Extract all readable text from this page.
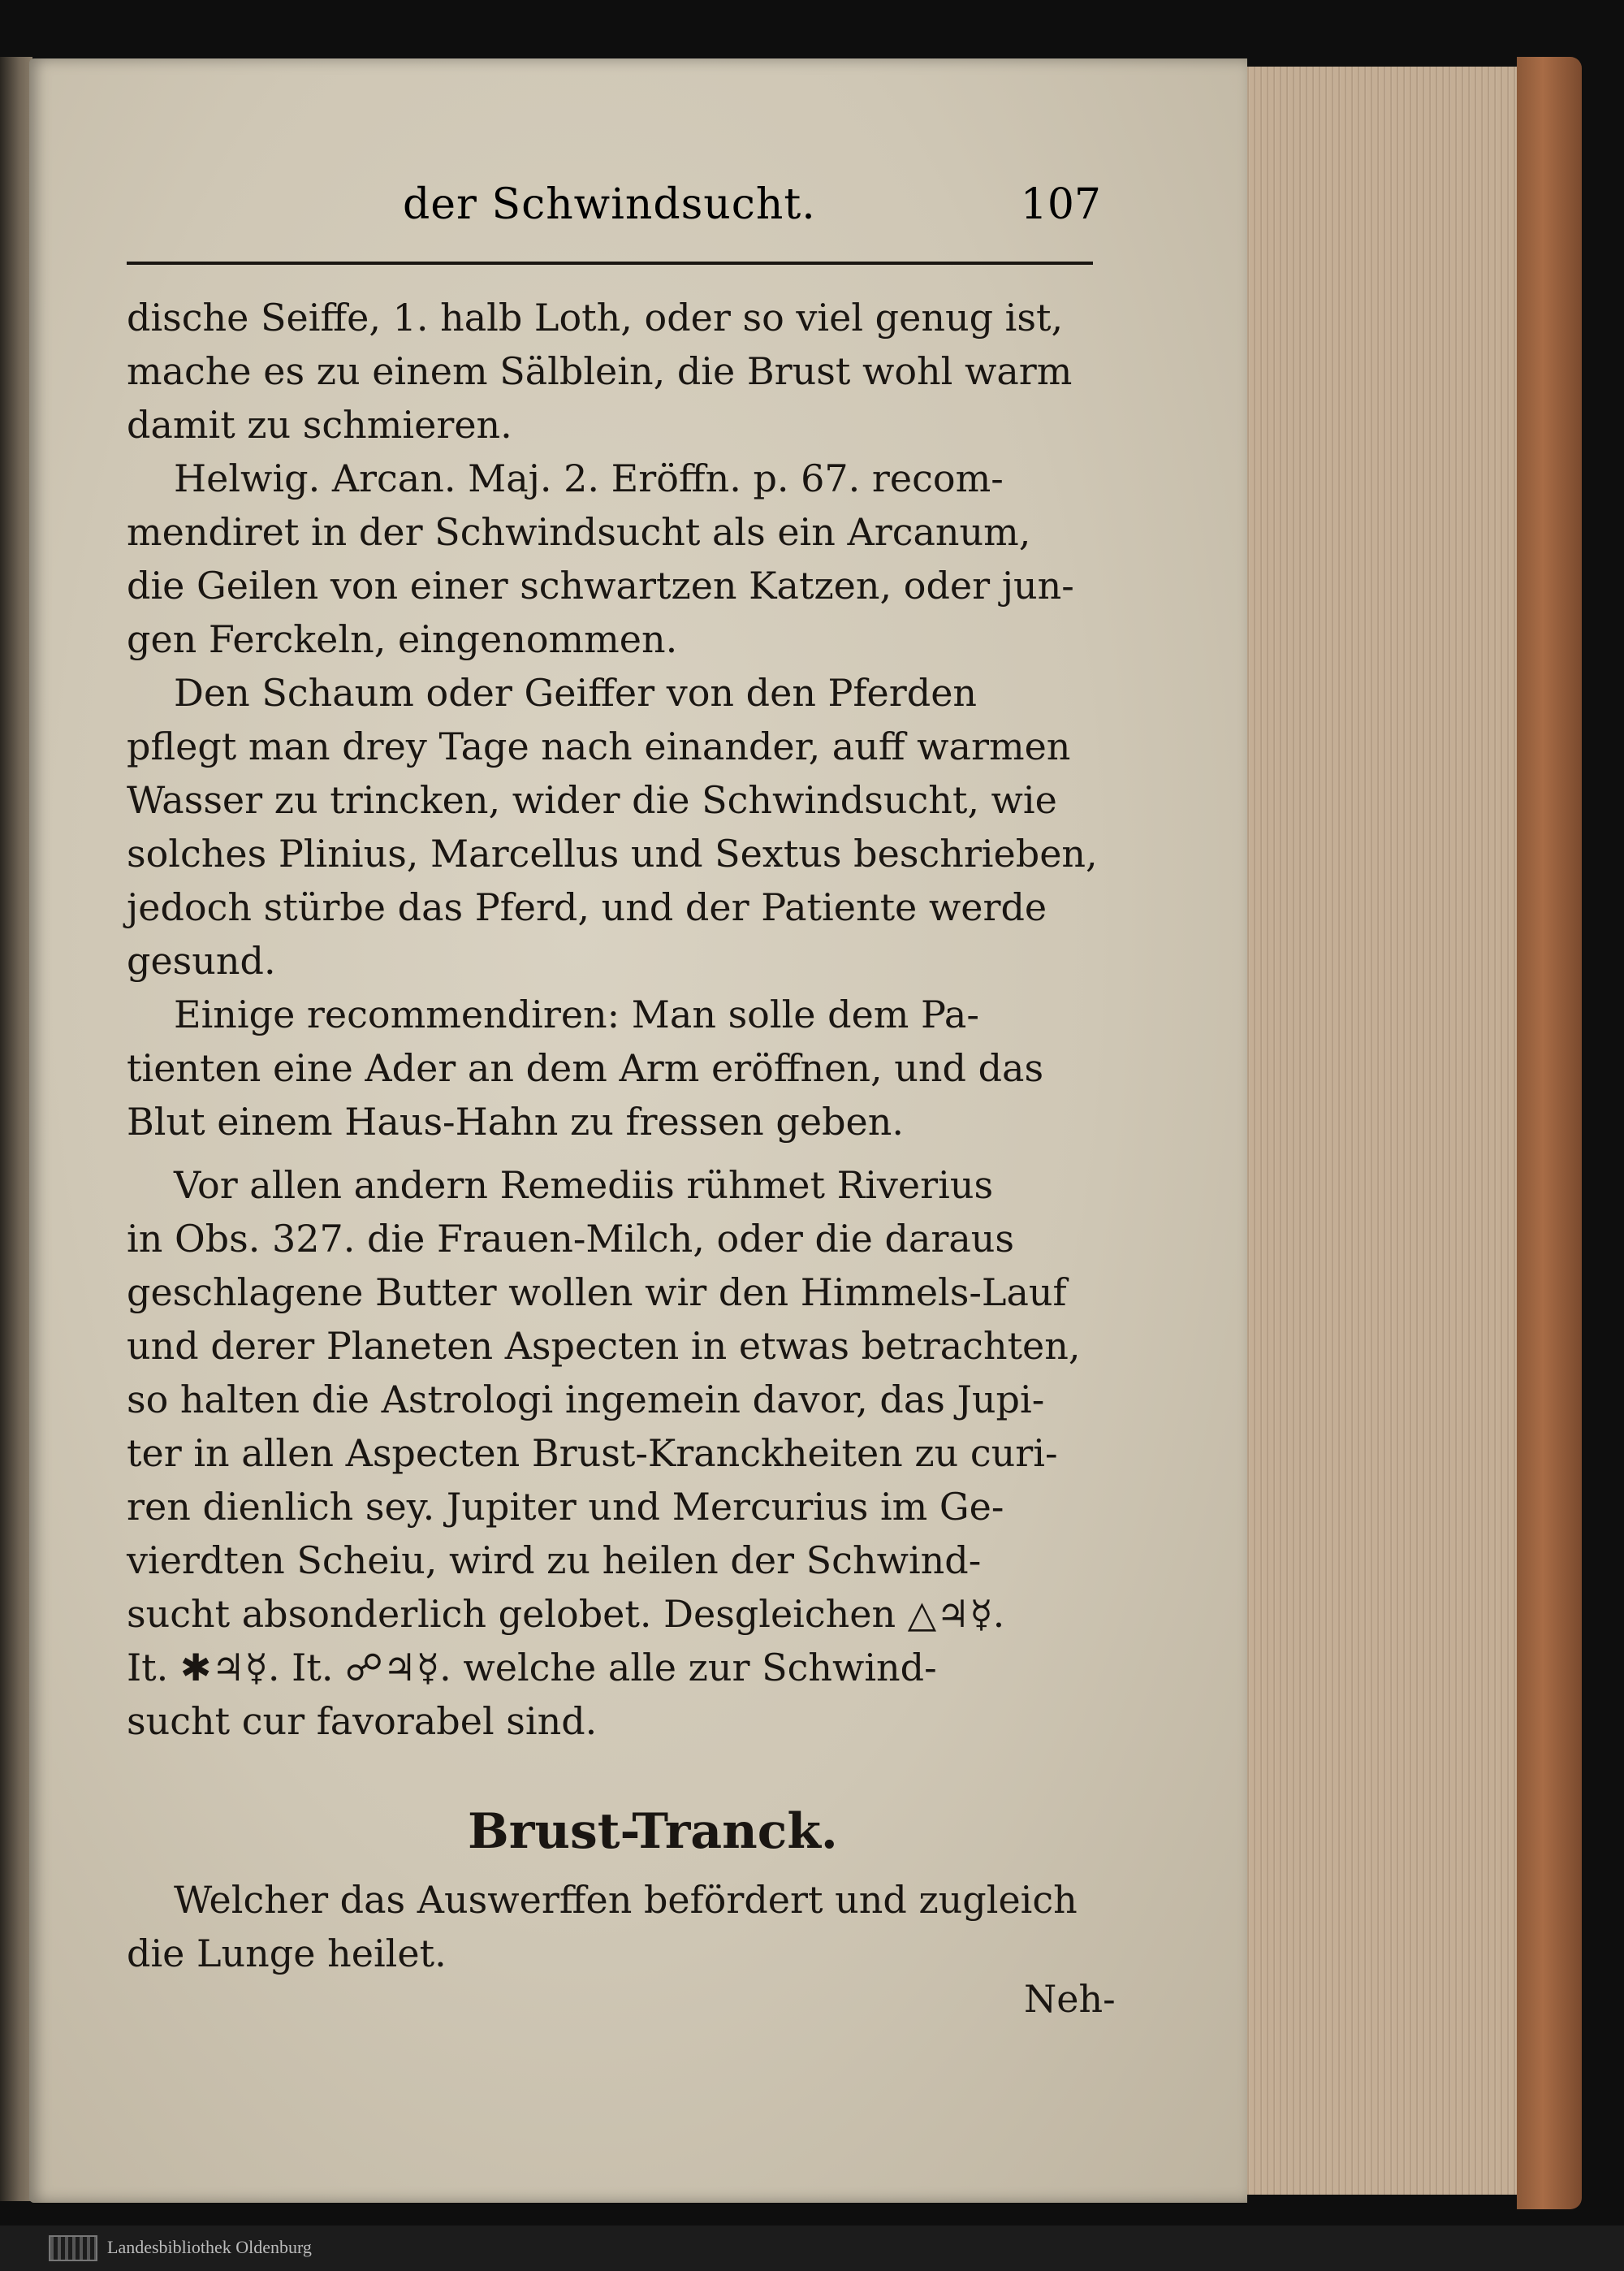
der Schwindsucht.	107
dische Seiffe, 1. halb Loth, oder so viel genug ist,
mache es zu einem Sälblein, die Brust wohl warm
damit zu schmieren.
Helwig. Arcan. Maj. 2. Eröffn. p. 67. recom-
mendiret in der Schwindsucht als ein Arcanum,
die Geilen von einer schwartzen Katzen, oder jun-
gen Ferckeln, eingenommen.
Den Schaum oder Geiffer von den Pferden
pflegt man drey Tage nach einander, auff warmen
Wasser zu trincken, wider die Schwindsucht, wie
solches Plinius, Marcellus und Sextus beschrieben,
jedoch stürbe das Pferd, und der Patiente werde
gesund.
Einige recommendiren: Man solle dem Pa-
tienten eine Ader an dem Arm eröffnen, und das
Blut einem Haus-Hahn zu fressen geben.
Vor allen andern Remediis rühmet Riverius
in Obs. 327. die Frauen-Milch, oder die daraus
geschlagene Butter wollen wir den Himmels-Lauf
und derer Planeten Aspecten in etwas betrachten,
so halten die Astrologi ingemein davor, das Jupi-
ter in allen Aspecten Brust-Kranckheiten zu curi-
ren dienlich sey. Jupiter und Mercurius im Ge-
vierdten Scheiu, wird zu heilen der Schwind-
sucht absonderlich gelobet. Desgleichen △♃☿.
It. ✱♃☿. It. ☍♃☿. welche alle zur Schwind-
sucht cur favorabel sind.
Brust-Tranck.
Welcher das Auswerffen befördert und zugleich
die Lunge heilet.
Neh-
Landesbibliothek Oldenburg
